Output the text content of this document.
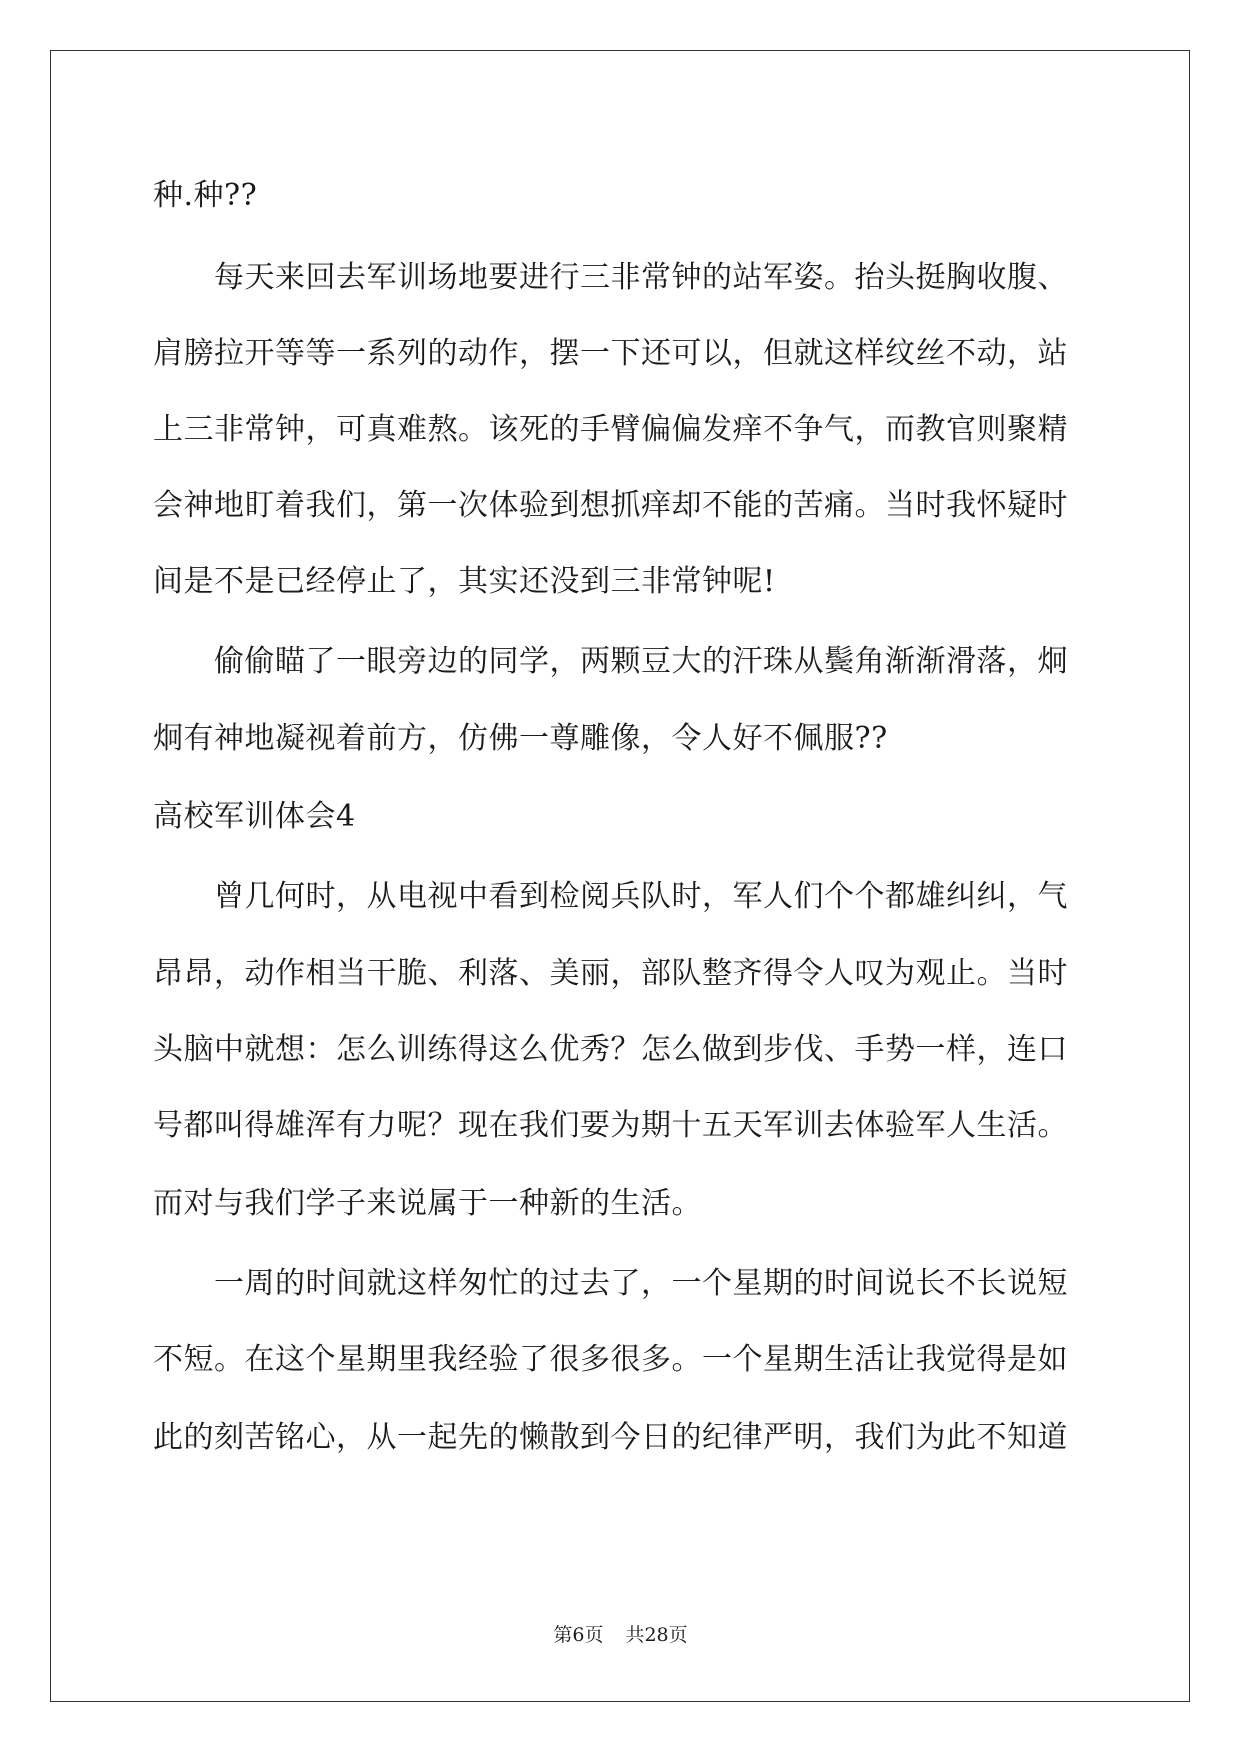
种.种??
　　每天来回去军训场地要进行三非常钟的站军姿。抬头挺胸收腹、
肩膀拉开等等一系列的动作，摆一下还可以，但就这样纹丝不动，站
上三非常钟，可真难熬。该死的手臂偏偏发痒不争气，而教官则聚精
会神地盯着我们，第一次体验到想抓痒却不能的苦痛。当时我怀疑时
间是不是已经停止了，其实还没到三非常钟呢!
　　偷偷瞄了一眼旁边的同学，两颗豆大的汗珠从鬓角渐渐滑落，炯
炯有神地凝视着前方，仿佛一尊雕像，令人好不佩服??
高校军训体会4
　　曾几何时，从电视中看到检阅兵队时，军人们个个都雄纠纠，气
昂昂，动作相当干脆、利落、美丽，部队整齐得令人叹为观止。当时
头脑中就想：怎么训练得这么优秀？怎么做到步伐、手势一样，连口
号都叫得雄浑有力呢？现在我们要为期十五天军训去体验军人生活。
而对与我们学子来说属于一种新的生活。
　　一周的时间就这样匆忙的过去了，一个星期的时间说长不长说短
不短。在这个星期里我经验了很多很多。一个星期生活让我觉得是如
此的刻苦铭心，从一起先的懒散到今日的纪律严明，我们为此不知道
第6页 共28页
